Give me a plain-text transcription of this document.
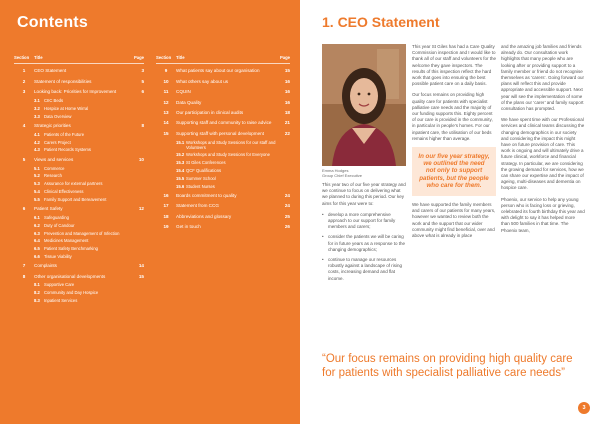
Contents
Section	Title	Page
1	CEO Statement	3
2	Statement of responsibilities	5
3	Looking back: Priorities for Improvement	6
3.1 CIIC Beds
3.2 Hospice at Home Wirral
3.3 Data Overview
4	Strategic priorities	8
4.1 Patients of the Future
4.2 Carers Project
4.3 Patient Records Systems
5	Views and services	10
5.1 Commerce
5.2 Research
5.3 Assurance for external partners
5.4 Clinical Effectiveness
5.5 Family Support and Bereavement
6	Patient Safety	12
6.1 Safeguarding
6.2 Duty of Candour
6.3 Prevention and Management of Infection
6.4 Medicines Management
6.5 Patient Safety Benchmarking
6.6 Tissue Viability
7	Complaints	14
8	Other organisational developments	15
8.1 Supportive Care
8.2 Community and Day Hospice
8.3 Inpatient Services
Section	Title	Page
9	What patients say about our organisation	15
10	What others say about us	16
11	CQUIN	16
12	Data Quality	16
13	Our participation in clinical audits	18
14	Supporting staff and community to raise advice	21
15	Supporting staff with personal development	22
15.1 Workshops and Study Sessions for our staff and Volunteers
15.2 Workshops and Study Sessions for Everyone
15.3 St Giles Conferences
15.4 QCF Qualifications
15.5 Summer School
15.6 Student Nurses
16	Boards commitment to quality	24
17	Statement from CCG	24
18	Abbreviations and glossary	25
19	Get in touch	26
1. CEO Statement
Emma Hodges
Group Chief Executive

This year two of our five year strategy and we continue to focus on delivering what we planned to during this period. Our key aims for this year were to:

• develop a more comprehensive approach to our support for family members and carers;
• consider the patients we will be caring for in future years as a response to the changing demographics;
• continue to manage our resources robustly against a landscape of rising costs, increasing demand and flat income.

This year St Giles has had a Care Quality Commission inspection and I would like to thank all of our staff and volunteers for the welcome they gave inspectors. The results of this inspection reflect the hard work that goes into ensuring the best possible patient care on a daily basis.

Our focus remains on providing high quality care for patients with specialist palliative care needs and the majority of our funding supports this. Eighty percent of our care is provided in the community, in particular in people’s homes. For our inpatient care, the utilisation of our beds remains higher than average.

In our five year strategy, we outlined the need not only to support patients, but the people who care for them.

We have supported the family members and carers of our patients for many years, however we wanted to review both the work and the support that our wider community might find beneficial, over and above what is already in place

and the amazing job families and friends already do. Our consultation work highlights that many people who are looking after or providing support to a family member or friend do not recognise themselves as ‘carers’. Going forward our plans will reflect this and provide appropriate and accessible support. Next year will see the implementation of some of the plans our ‘carer’ and family support consultation has prompted.

We have spent time with our Professional services and clinical teams discussing the changing demographics in our society and considering the impact this might have on future provision of care. This work is ongoing and will ultimately drive a future clinical, workforce and financial strategy. In particular, we are considering the growing demand for services, how we can share our expertise and the impact of ageing, multi-diseases and dementia on hospice care.

Phoenix, our service to help any young person who is facing loss or grieving, celebrated its fourth birthday this year and with delight to say it has helped more than 500 families in that time. The Phoenix team,

“Our focus remains on providing high quality care for patients with specialist palliative care needs”
3
